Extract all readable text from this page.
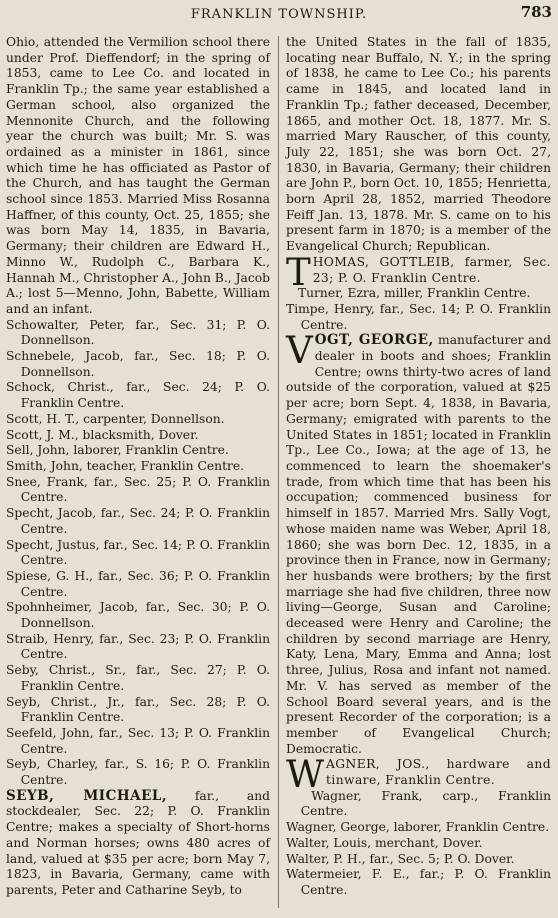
FRANKLIN TOWNSHIP.	783

Ohio, attended the Vermilion school there under Prof. Dieffendorf; in the spring of 1853, came to Lee Co. and located in Franklin Tp.; the same year established a German school, also organized the Mennonite Church, and the following year the church was built; Mr. S. was ordained as a minister in 1861, since which time he has officiated as Pastor of the Church, and has taught the German school since 1853. Married Miss Rosanna Haffner, of this county, Oct. 25, 1855; she was born May 14, 1835, in Bavaria, Germany; their children are Edward H., Minno W., Rudolph C., Barbara K., Hannah M., Christopher A., John B., Jacob A.; lost 5—Menno, John, Babette, William and an infant.

Schowalter, Peter, far., Sec. 31; P. O. Donnellson.

Schnebele, Jacob, far., Sec. 18; P. O. Donnellson.

Schock, Christ., far., Sec. 24; P. O. Franklin Centre.

Scott, H. T., carpenter, Donnellson.

Scott, J. M., blacksmith, Dover.

Sell, John, laborer, Franklin Centre.

Smith, John, teacher, Franklin Centre.

Snee, Frank, far., Sec. 25; P. O. Franklin Centre.

Specht, Jacob, far., Sec. 24; P. O. Franklin Centre.

Specht, Justus, far., Sec. 14; P. O. Franklin Centre.

Spiese, G. H., far., Sec. 36; P. O. Franklin Centre.

Spohnheimer, Jacob, far., Sec. 30; P. O. Donnellson.

Straib, Henry, far., Sec. 23; P. O. Franklin Centre.

Seby, Christ., Sr., far., Sec. 27; P. O. Franklin Centre.

Seyb, Christ., Jr., far., Sec. 28; P. O. Franklin Centre.

Seefeld, John, far., Sec. 13; P. O. Franklin Centre.

Seyb, Charley, far., S. 16; P. O. Franklin Centre.

SEYB, MICHAEL, far., and stockdealer, Sec. 22; P. O. Franklin Centre; makes a specialty of Short-horns and Norman horses; owns 480 acres of land, valued at $35 per acre; born May 7, 1823, in Bavaria, Germany, came with parents, Peter and Catharine Seyb, to

the United States in the fall of 1835, locating near Buffalo, N. Y.; in the spring of 1838, he came to Lee Co.; his parents came in 1845, and located land in Franklin Tp.; father deceased, December, 1865, and mother Oct. 18, 1877. Mr. S. married Mary Rauscher, of this county, July 22, 1851; she was born Oct. 27, 1830, in Bavaria, Germany; their children are John P., born Oct. 10, 1855; Henrietta, born April 28, 1852, married Theodore Feiff Jan. 13, 1878. Mr. S. came on to his present farm in 1870; is a member of the Evangelical Church; Republican.

THOMAS, GOTTLEIB, farmer, Sec. 23; P. O. Franklin Centre.

Turner, Ezra, miller, Franklin Centre.

Timpe, Henry, far., Sec. 14; P. O. Franklin Centre.

VOGT, GEORGE, manufacturer and dealer in boots and shoes; Franklin Centre; owns thirty-two acres of land outside of the corporation, valued at $25 per acre; born Sept. 4, 1838, in Bavaria, Germany; emigrated with parents to the United States in 1851; located in Franklin Tp., Lee Co., Iowa; at the age of 13, he commenced to learn the shoemaker's trade, from which time that has been his occupation; commenced business for himself in 1857. Married Mrs. Sally Vogt, whose maiden name was Weber, April 18, 1860; she was born Dec. 12, 1835, in a province then in France, now in Germany; her husbands were brothers; by the first marriage she had five children, three now living—George, Susan and Caroline; deceased were Henry and Caroline; the children by second marriage are Henry, Katy, Lena, Mary, Emma and Anna; lost three, Julius, Rosa and infant not named. Mr. V. has served as member of the School Board several years, and is the present Recorder of the corporation; is a member of Evangelical Church; Democratic.

WAGNER, JOS., hardware and tinware, Franklin Centre.

Wagner, Frank, carp., Franklin Centre.

Wagner, George, laborer, Franklin Centre.

Walter, Louis, merchant, Dover.

Walter, P. H., far., Sec. 5; P. O. Dover.

Watermeier, F. E., far.; P. O. Franklin Centre.
